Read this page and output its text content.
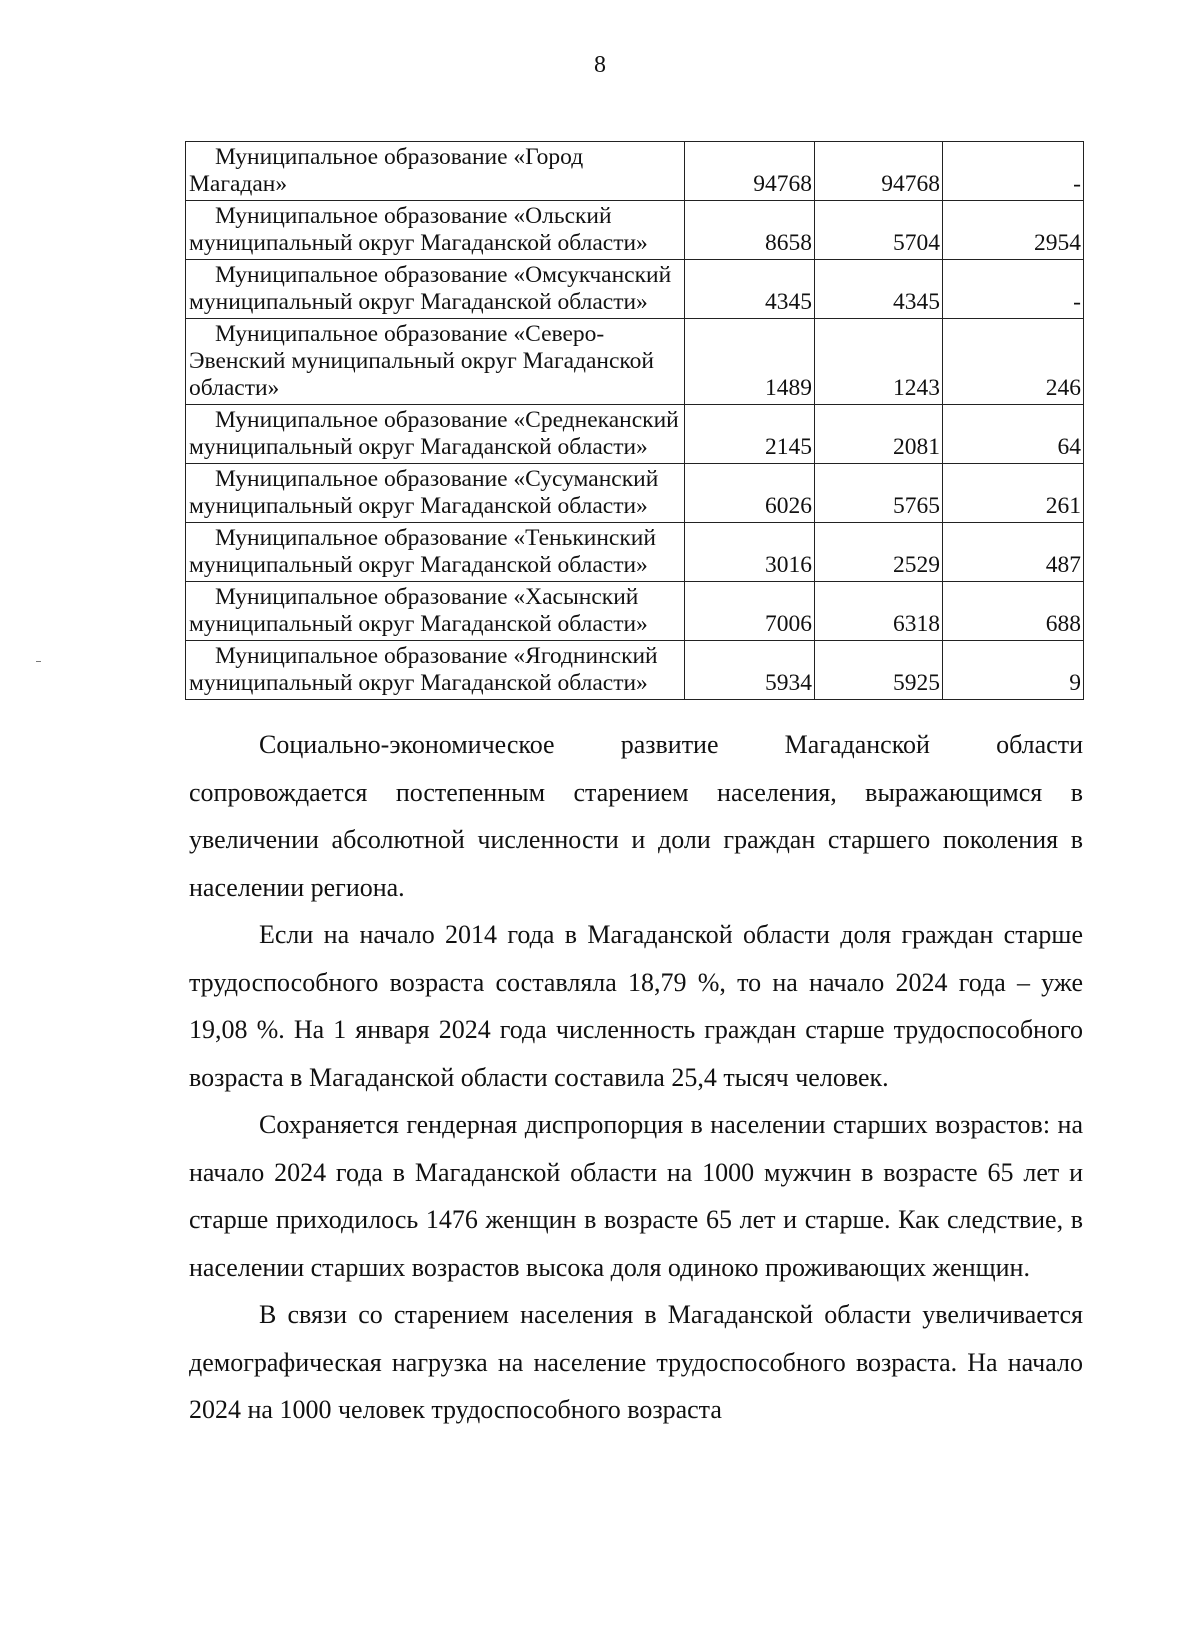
8
Муниципальное образование «Город Магадан»	94768	94768	-
Муниципальное образование «Ольский муниципальный округ Магаданской области»	8658	5704	2954
Муниципальное образование «Омсукчанский муниципальный округ Магаданской области»	4345	4345	-
Муниципальное образование «Северо-Эвенский муниципальный округ Магаданской области»	1489	1243	246
Муниципальное образование «Среднеканский муниципальный округ Магаданской области»	2145	2081	64
Муниципальное образование «Сусуманский муниципальный округ Магаданской области»	6026	5765	261
Муниципальное образование «Тенькинский муниципальный округ Магаданской области»	3016	2529	487
Муниципальное образование «Хасынский муниципальный округ Магаданской области»	7006	6318	688
Муниципальное образование «Ягоднинский муниципальный округ Магаданской области»	5934	5925	9

Социально-экономическое развитие Магаданской области сопровождается постепенным старением населения, выражающимся в увеличении абсолютной численности и доли граждан старшего поколения в населении региона.

Если на начало 2014 года в Магаданской области доля граждан старше трудоспособного возраста составляла 18,79 %, то на начало 2024 года – уже 19,08 %. На 1 января 2024 года численность граждан старше трудоспособного возраста в Магаданской области составила 25,4 тысяч человек.

Сохраняется гендерная диспропорция в населении старших возрастов: на начало 2024 года в Магаданской области на 1000 мужчин в возрасте 65 лет и старше приходилось 1476 женщин в возрасте 65 лет и старше. Как следствие, в населении старших возрастов высока доля одиноко проживающих женщин.

В связи со старением населения в Магаданской области увеличивается демографическая нагрузка на население трудоспособного возраста. На начало 2024 на 1000 человек трудоспособного возраста
